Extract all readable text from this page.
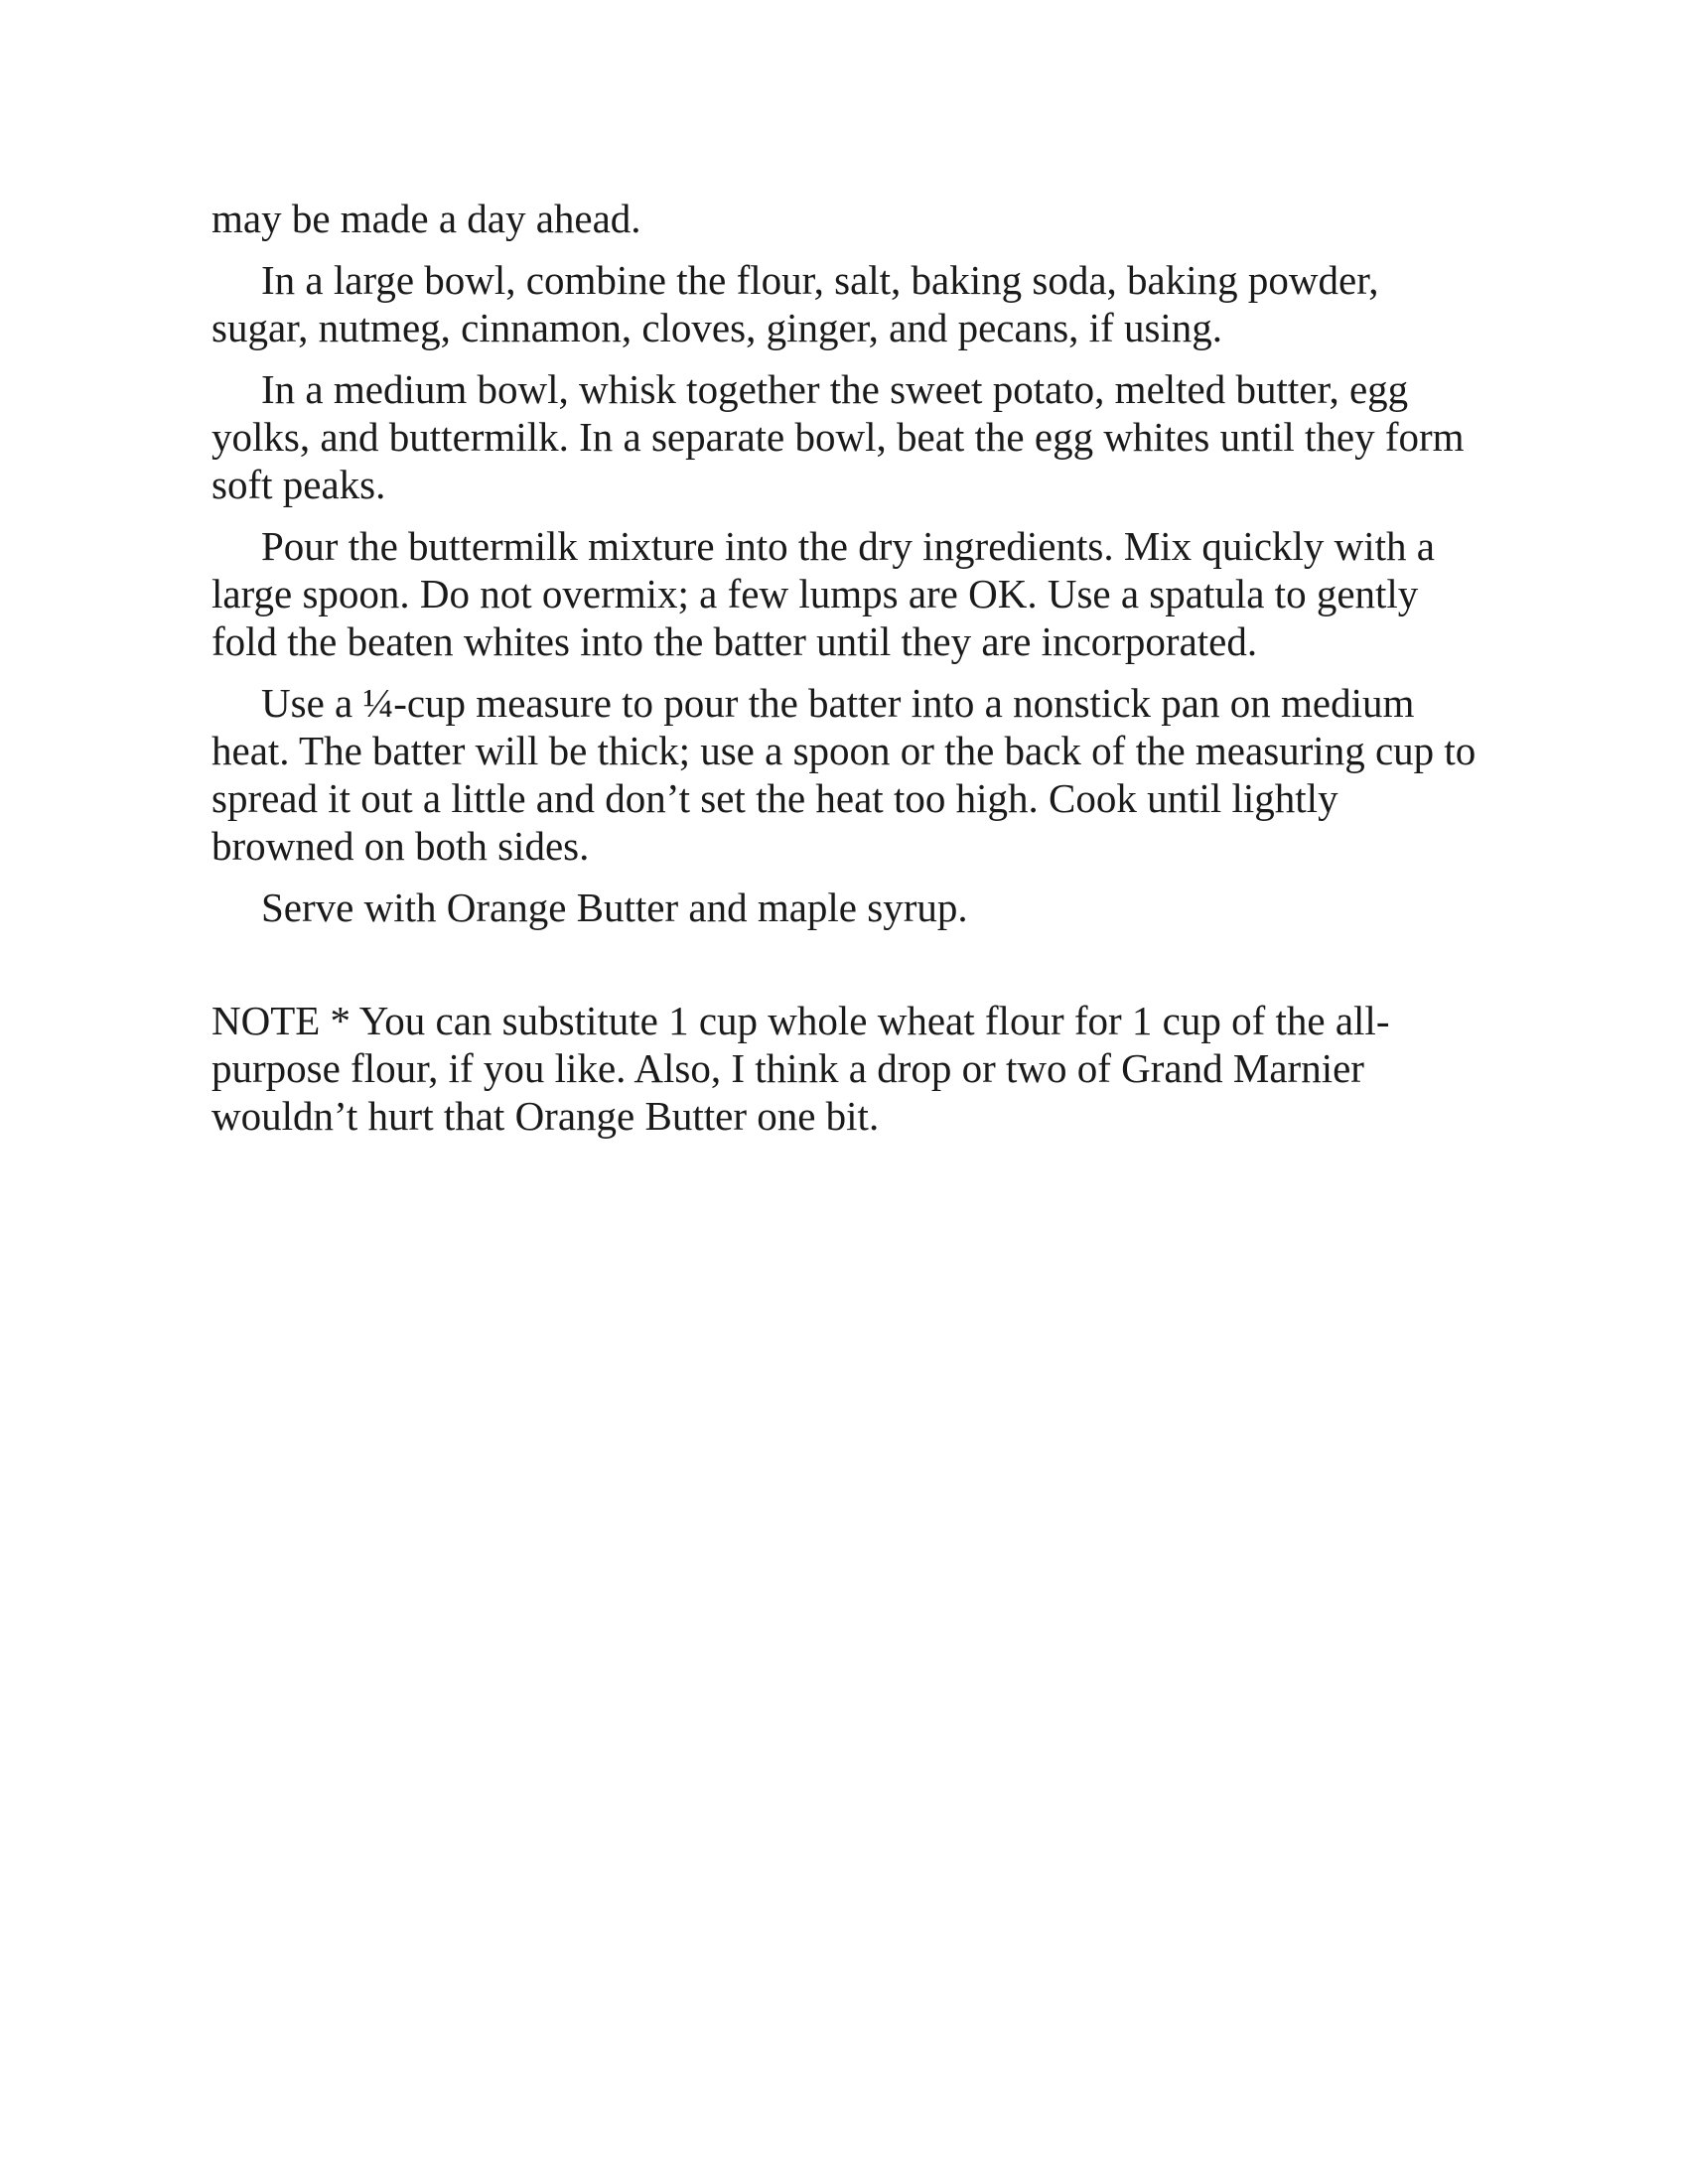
may be made a day ahead.

In a large bowl, combine the flour, salt, baking soda, baking powder, sugar, nutmeg, cinnamon, cloves, ginger, and pecans, if using.

In a medium bowl, whisk together the sweet potato, melted butter, egg yolks, and buttermilk. In a separate bowl, beat the egg whites until they form soft peaks.

Pour the buttermilk mixture into the dry ingredients. Mix quickly with a large spoon. Do not overmix; a few lumps are OK. Use a spatula to gently fold the beaten whites into the batter until they are incorporated.

Use a ¼-cup measure to pour the batter into a nonstick pan on medium heat. The batter will be thick; use a spoon or the back of the measuring cup to spread it out a little and don’t set the heat too high. Cook until lightly browned on both sides.

Serve with Orange Butter and maple syrup.

NOTE * You can substitute 1 cup whole wheat flour for 1 cup of the all-purpose flour, if you like. Also, I think a drop or two of Grand Marnier wouldn’t hurt that Orange Butter one bit.
